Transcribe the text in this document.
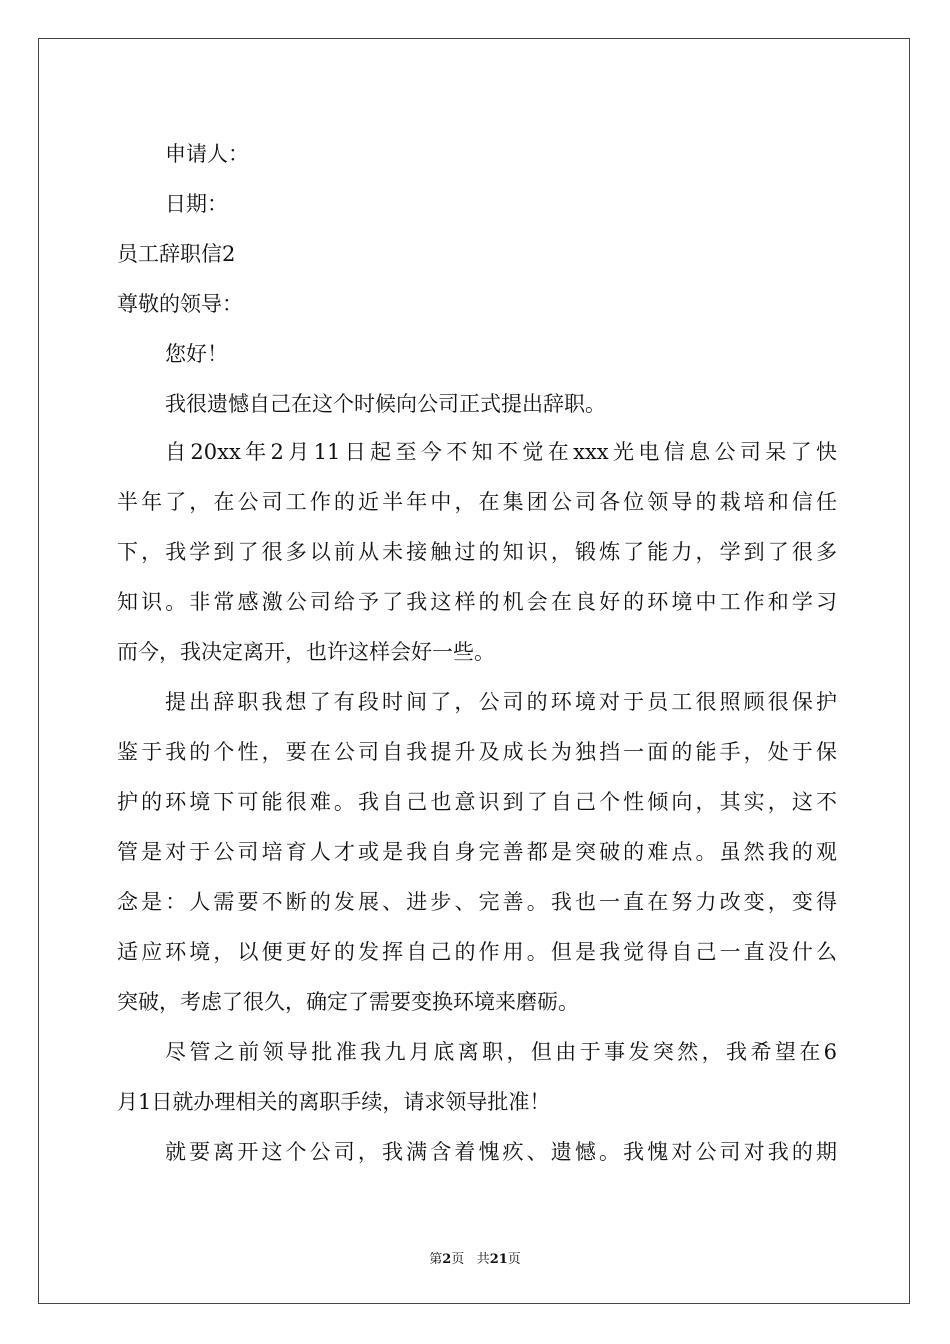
申请人：
日期：
员工辞职信2
尊敬的领导：
您好！
我很遗憾自己在这个时候向公司正式提出辞职。
自20xx年2月11日起至今不知不觉在xxx光电信息公司呆了快
半年了，在公司工作的近半年中，在集团公司各位领导的栽培和信任
下，我学到了很多以前从未接触过的知识，锻炼了能力，学到了很多
知识。非常感激公司给予了我这样的机会在良好的环境中工作和学习
而今，我决定离开，也许这样会好一些。
提出辞职我想了有段时间了，公司的环境对于员工很照顾很保护
鉴于我的个性，要在公司自我提升及成长为独挡一面的能手，处于保
护的环境下可能很难。我自己也意识到了自己个性倾向，其实，这不
管是对于公司培育人才或是我自身完善都是突破的难点。虽然我的观
念是：人需要不断的发展、进步、完善。我也一直在努力改变，变得
适应环境，以便更好的发挥自己的作用。但是我觉得自己一直没什么
突破，考虑了很久，确定了需要变换环境来磨砺。
尽管之前领导批准我九月底离职，但由于事发突然，我希望在6
月1日就办理相关的离职手续，请求领导批准！
就要离开这个公司，我满含着愧疚、遗憾。我愧对公司对我的期
第2页 共21页
